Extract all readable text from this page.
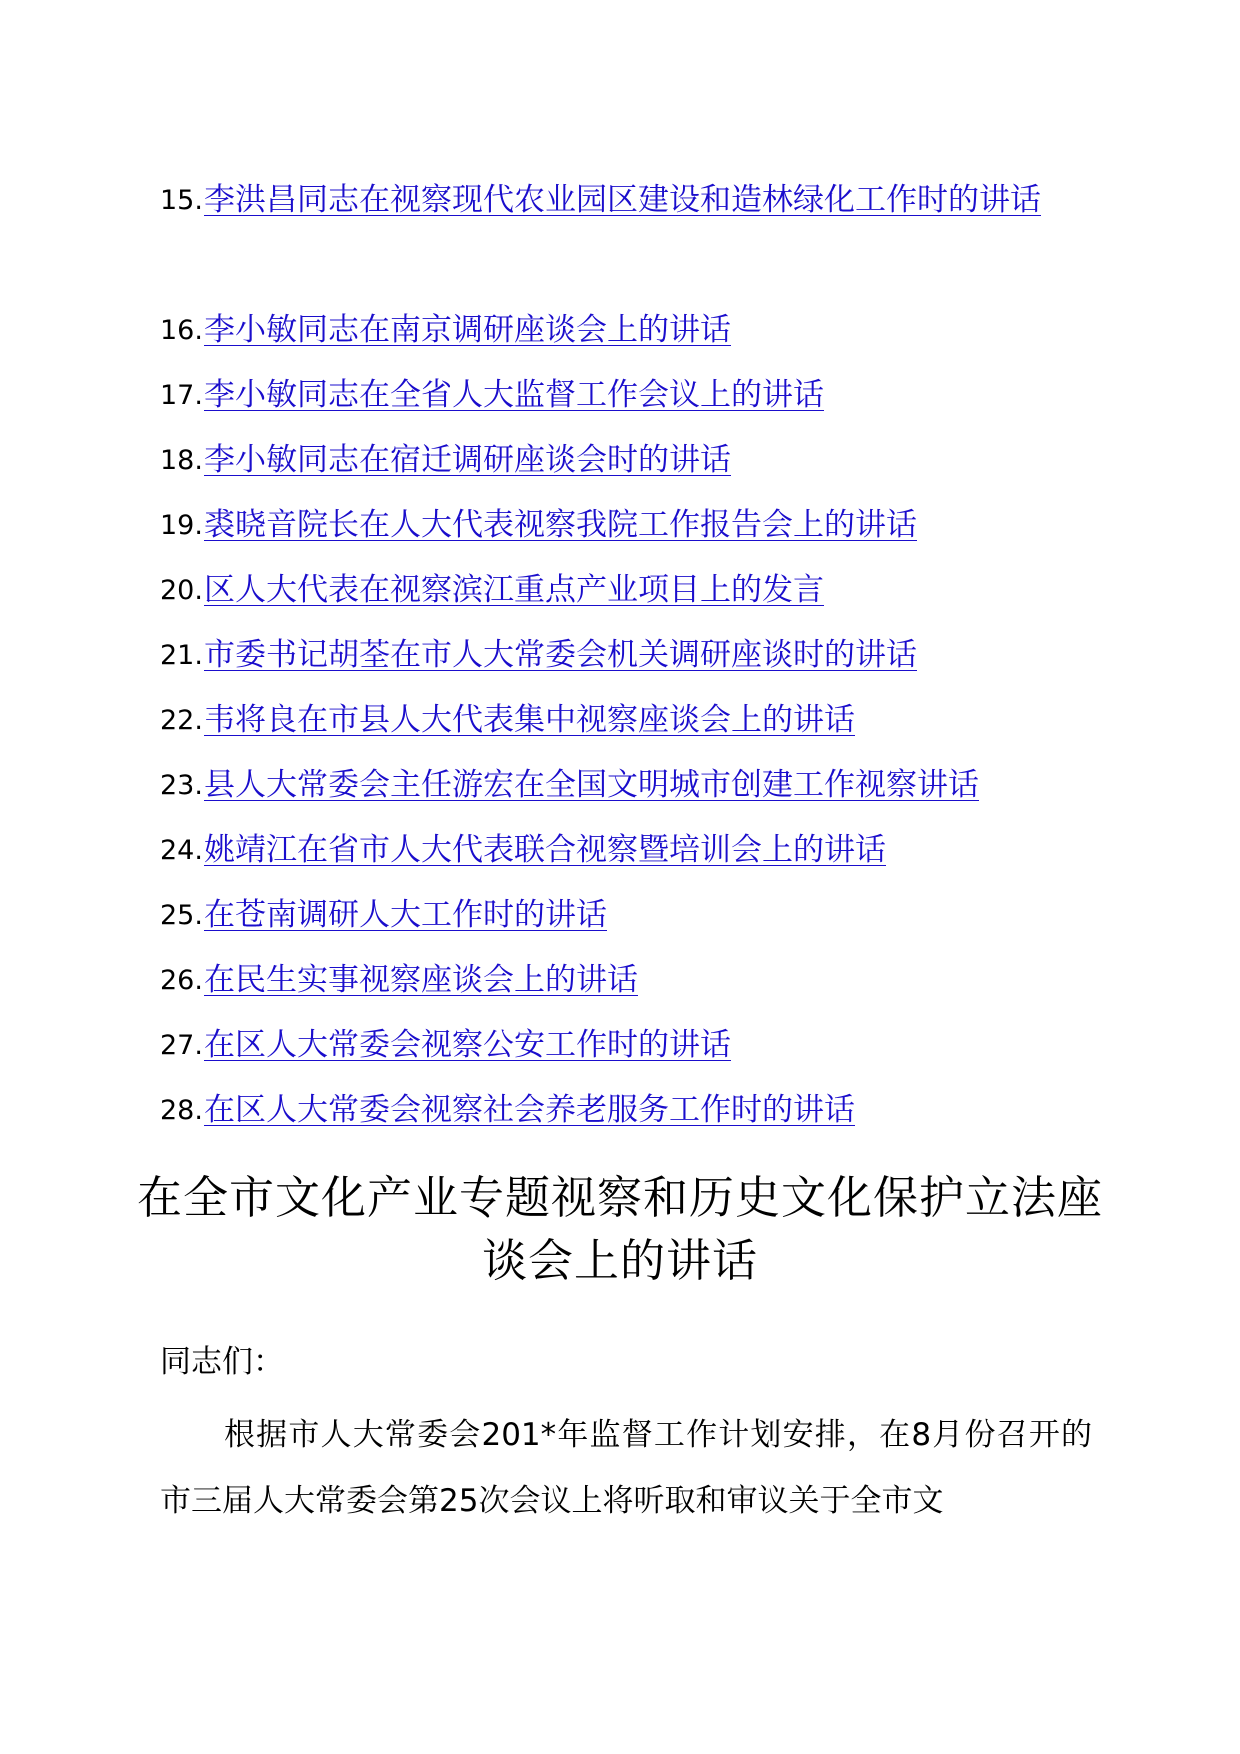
15. 李洪昌同志在视察现代农业园区建设和造林绿化工作时的讲话
16. 李小敏同志在南京调研座谈会上的讲话
17. 李小敏同志在全省人大监督工作会议上的讲话
18. 李小敏同志在宿迁调研座谈会时的讲话
19. 裘晓音院长在人大代表视察我院工作报告会上的讲话
20. 区人大代表在视察滨江重点产业项目上的发言
21. 市委书记胡荃在市人大常委会机关调研座谈时的讲话
22. 韦将良在市县人大代表集中视察座谈会上的讲话
23. 县人大常委会主任游宏在全国文明城市创建工作视察讲话
24. 姚靖江在省市人大代表联合视察暨培训会上的讲话
25. 在苍南调研人大工作时的讲话
26. 在民生实事视察座谈会上的讲话
27. 在区人大常委会视察公安工作时的讲话
28. 在区人大常委会视察社会养老服务工作时的讲话
在全市文化产业专题视察和历史文化保护立法座谈会上的讲话

同志们：

根据市人大常委会201*年监督工作计划安排，在8月份召开的市三届人大常委会第25次会议上将听取和审议关于全市文
